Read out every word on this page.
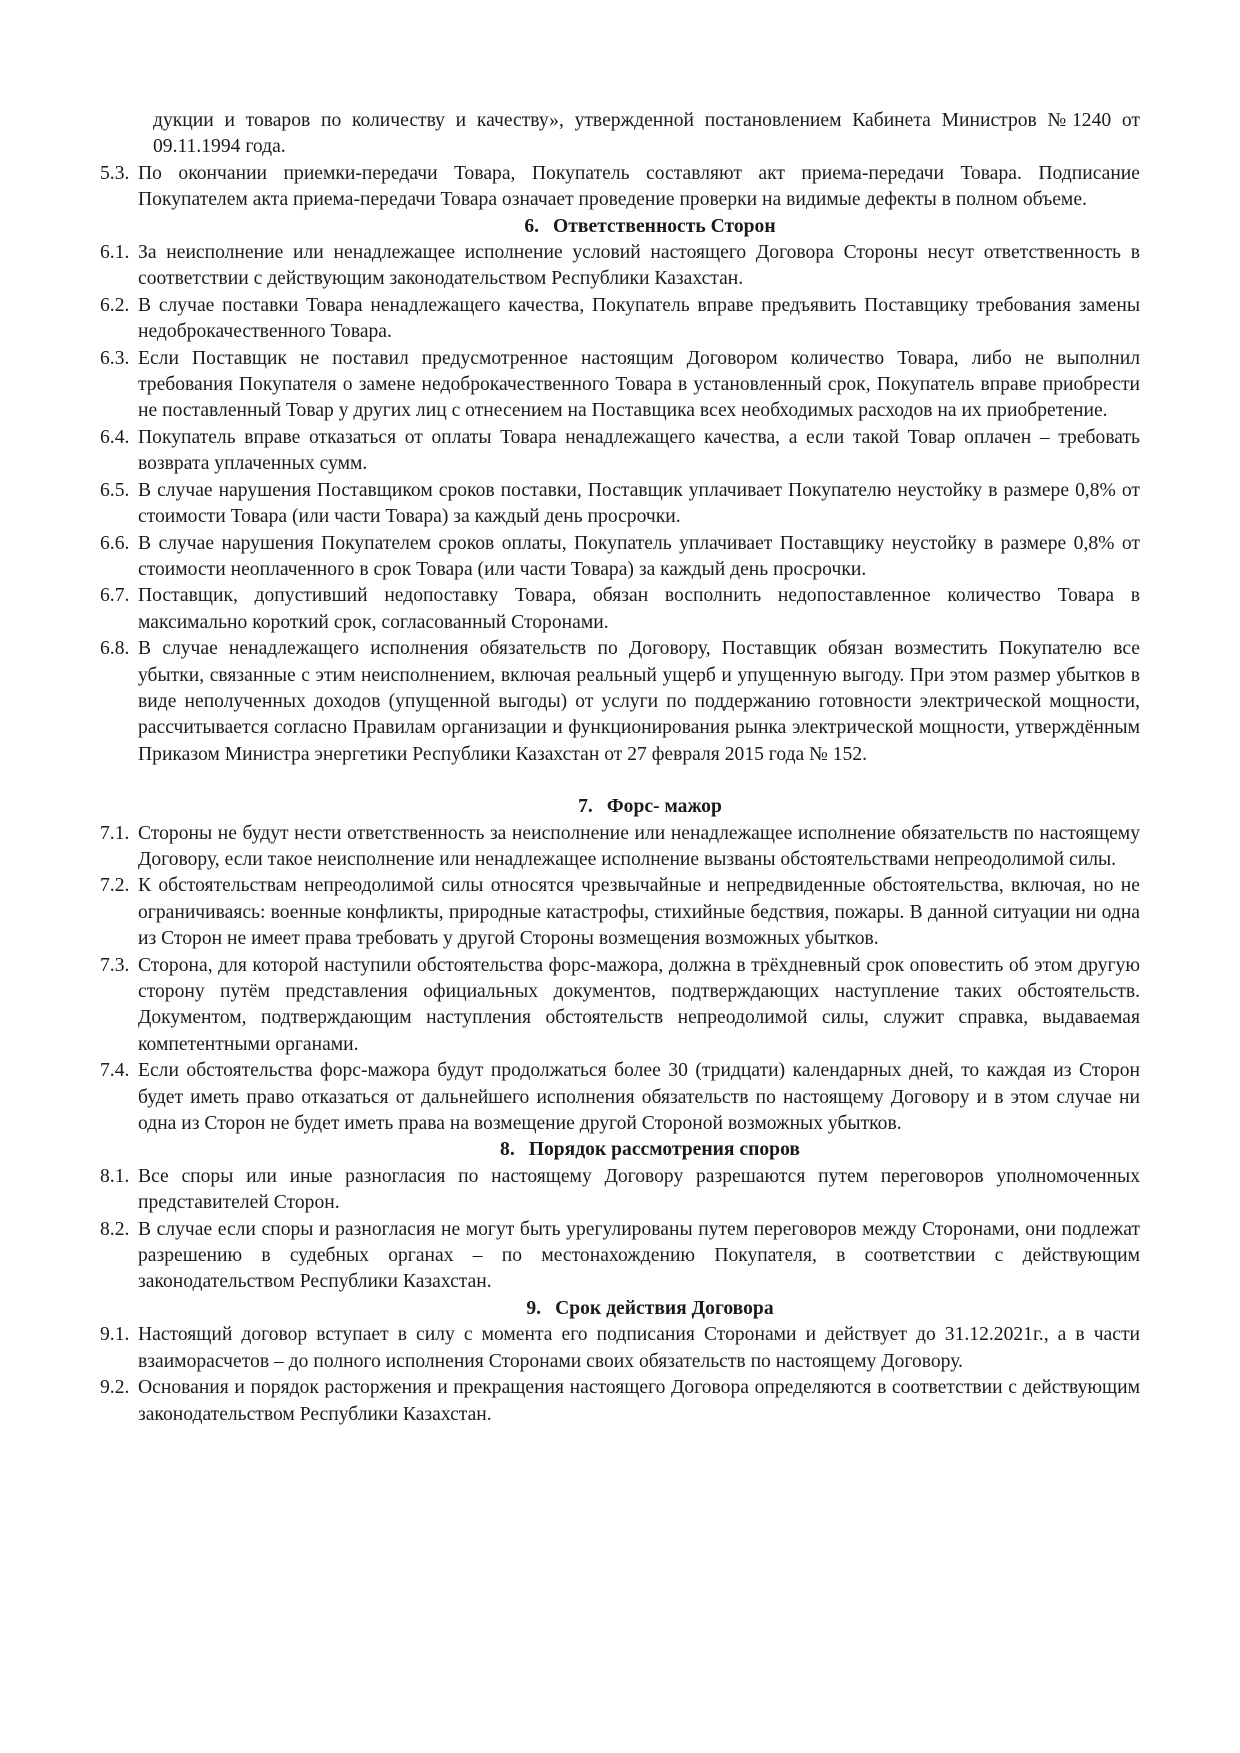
дукции и товаров по количеству и качеству», утвержденной постановлением Кабинета Министров №1240 от 09.11.1994 года.
5.3. По окончании приемки-передачи Товара, Покупатель составляют акт приема-передачи Товара. Подписание Покупателем акта приема-передачи Товара означает проведение проверки на видимые дефекты в полном объеме.
6. Ответственность Сторон
6.1. За неисполнение или ненадлежащее исполнение условий настоящего Договора Стороны несут ответственность в соответствии с действующим законодательством Республики Казахстан.
6.2. В случае поставки Товара ненадлежащего качества, Покупатель вправе предъявить Поставщику требования замены недоброкачественного Товара.
6.3. Если Поставщик не поставил предусмотренное настоящим Договором количество Товара, либо не выполнил требования Покупателя о замене недоброкачественного Товара в установленный срок, Покупатель вправе приобрести не поставленный Товар у других лиц с отнесением на Поставщика всех необходимых расходов на их приобретение.
6.4. Покупатель вправе отказаться от оплаты Товара ненадлежащего качества, а если такой Товар оплачен – требовать возврата уплаченных сумм.
6.5. В случае нарушения Поставщиком сроков поставки, Поставщик уплачивает Покупателю неустойку в размере 0,8% от стоимости Товара (или части Товара) за каждый день просрочки.
6.6. В случае нарушения Покупателем сроков оплаты, Покупатель уплачивает Поставщику неустойку в размере 0,8% от стоимости неоплаченного в срок Товара (или части Товара) за каждый день просрочки.
6.7. Поставщик, допустивший недопоставку Товара, обязан восполнить недопоставленное количество Товара в максимально короткий срок, согласованный Сторонами.
6.8. В случае ненадлежащего исполнения обязательств по Договору, Поставщик обязан возместить Покупателю все убытки, связанные с этим неисполнением, включая реальный ущерб и упущенную выгоду. При этом размер убытков в виде неполученных доходов (упущенной выгоды) от услуги по поддержанию готовности электрической мощности, рассчитывается согласно Правилам организации и функционирования рынка электрической мощности, утверждённым Приказом Министра энергетики Республики Казахстан от 27 февраля 2015 года № 152.
7. Форс- мажор
7.1. Стороны не будут нести ответственность за неисполнение или ненадлежащее исполнение обязательств по настоящему Договору, если такое неисполнение или ненадлежащее исполнение вызваны обстоятельствами непреодолимой силы.
7.2. К обстоятельствам непреодолимой силы относятся чрезвычайные и непредвиденные обстоятельства, включая, но не ограничиваясь: военные конфликты, природные катастрофы, стихийные бедствия, пожары. В данной ситуации ни одна из Сторон не имеет права требовать у другой Стороны возмещения возможных убытков.
7.3. Сторона, для которой наступили обстоятельства форс-мажора, должна в трёхдневный срок оповестить об этом другую сторону путём представления официальных документов, подтверждающих наступление таких обстоятельств. Документом, подтверждающим наступления обстоятельств непреодолимой силы, служит справка, выдаваемая компетентными органами.
7.4. Если обстоятельства форс-мажора будут продолжаться более 30 (тридцати) календарных дней, то каждая из Сторон будет иметь право отказаться от дальнейшего исполнения обязательств по настоящему Договору и в этом случае ни одна из Сторон не будет иметь права на возмещение другой Стороной возможных убытков.
8. Порядок рассмотрения споров
8.1. Все споры или иные разногласия по настоящему Договору разрешаются путем переговоров уполномоченных представителей Сторон.
8.2. В случае если споры и разногласия не могут быть урегулированы путем переговоров между Сторонами, они подлежат разрешению в судебных органах – по местонахождению Покупателя, в соответствии с действующим законодательством Республики Казахстан.
9. Срок действия Договора
9.1. Настоящий договор вступает в силу с момента его подписания Сторонами и действует до 31.12.2021г., а в части взаиморасчетов – до полного исполнения Сторонами своих обязательств по настоящему Договору.
9.2. Основания и порядок расторжения и прекращения настоящего Договора определяются в соответствии с действующим законодательством Республики Казахстан.
